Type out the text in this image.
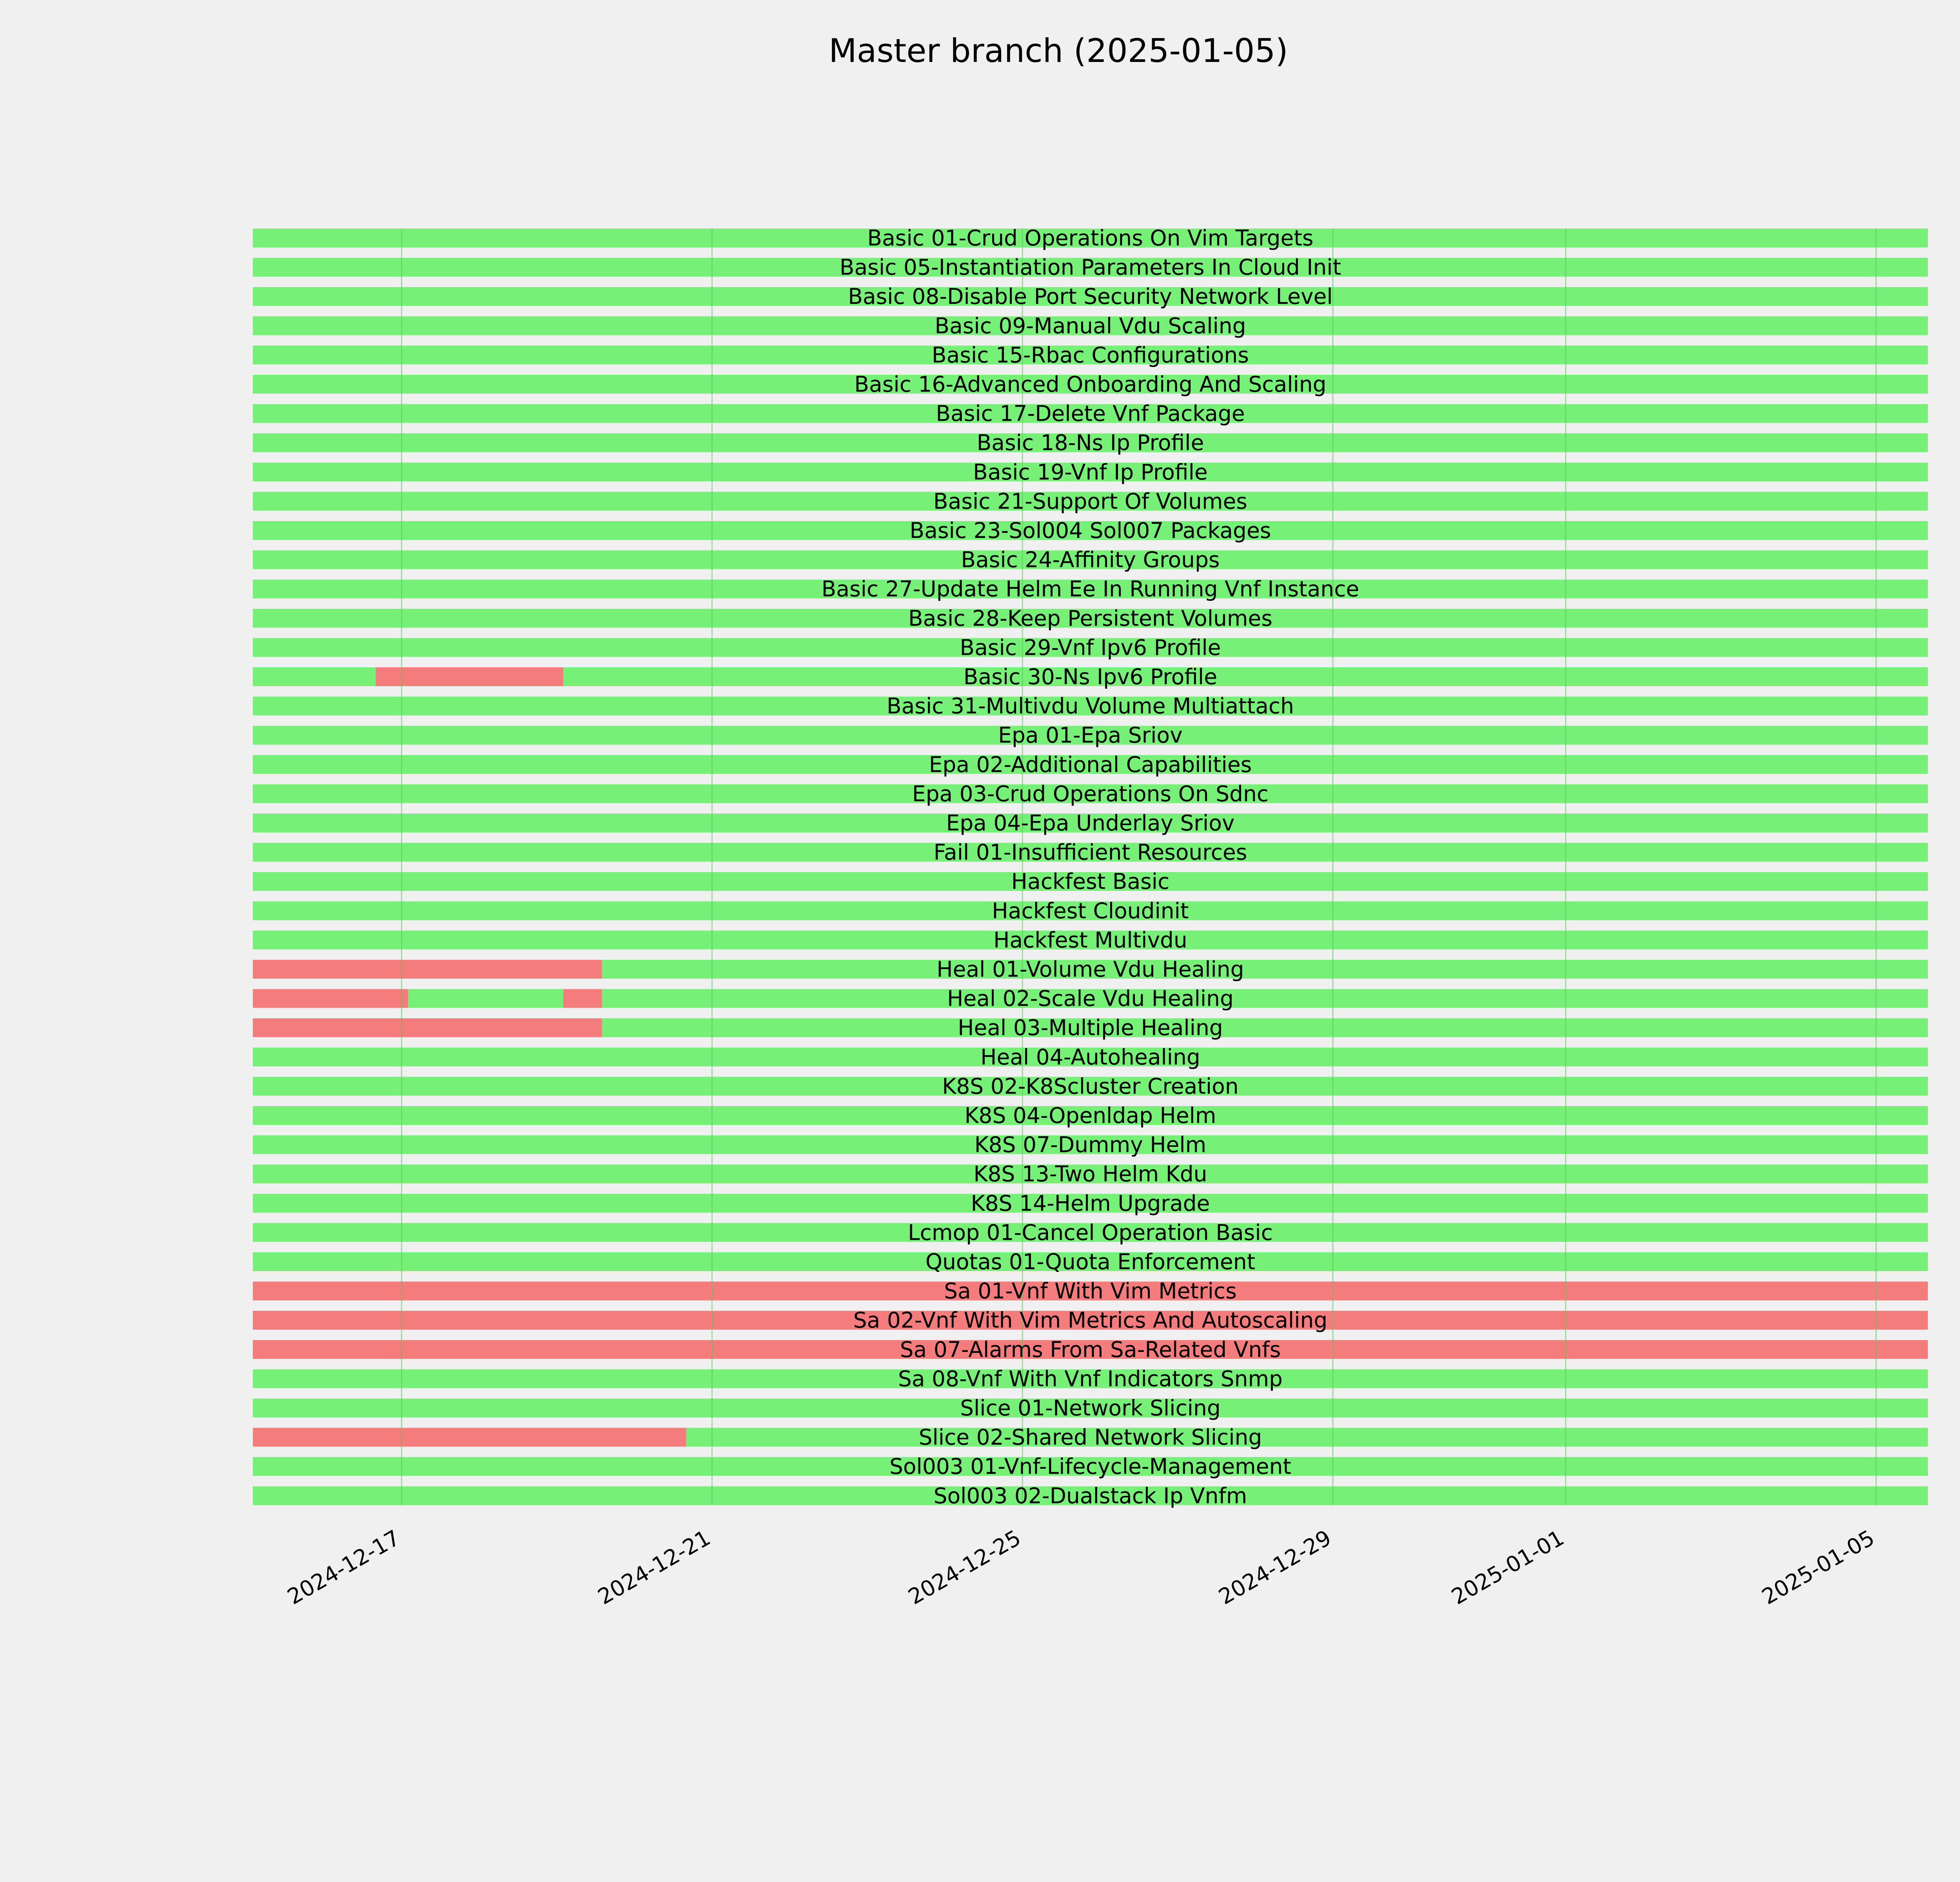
Master branch (2025-01-05)
Basic 01-Crud Operations On Vim Targets
Basic 05-Instantiation Parameters In Cloud Init
Basic 08-Disable Port Security Network Level
Basic 09-Manual Vdu Scaling
Basic 15-Rbac Configurations
Basic 16-Advanced Onboarding And Scaling
Basic 17-Delete Vnf Package
Basic 18-Ns Ip Profile
Basic 19-Vnf Ip Profile
Basic 21-Support Of Volumes
Basic 23-Sol004 Sol007 Packages
Basic 24-Affinity Groups
Basic 27-Update Helm Ee In Running Vnf Instance
Basic 28-Keep Persistent Volumes
Basic 29-Vnf Ipv6 Profile
Basic 30-Ns Ipv6 Profile
Basic 31-Multivdu Volume Multiattach
Epa 01-Epa Sriov
Epa 02-Additional Capabilities
Epa 03-Crud Operations On Sdnc
Epa 04-Epa Underlay Sriov
Fail 01-Insufficient Resources
Hackfest Basic
Hackfest Cloudinit
Hackfest Multivdu
Heal 01-Volume Vdu Healing
Heal 02-Scale Vdu Healing
Heal 03-Multiple Healing
Heal 04-Autohealing
K8S 02-K8Scluster Creation
K8S 04-Openldap Helm
K8S 07-Dummy Helm
K8S 13-Two Helm Kdu
K8S 14-Helm Upgrade
Lcmop 01-Cancel Operation Basic
Quotas 01-Quota Enforcement
Sa 01-Vnf With Vim Metrics
Sa 02-Vnf With Vim Metrics And Autoscaling
Sa 07-Alarms From Sa-Related Vnfs
Sa 08-Vnf With Vnf Indicators Snmp
Slice 01-Network Slicing
Slice 02-Shared Network Slicing
Sol003 01-Vnf-Lifecycle-Management
Sol003 02-Dualstack Ip Vnfm
2024-12-17	2024-12-21	2024-12-25	2024-12-29	2025-01-01	2025-01-05
